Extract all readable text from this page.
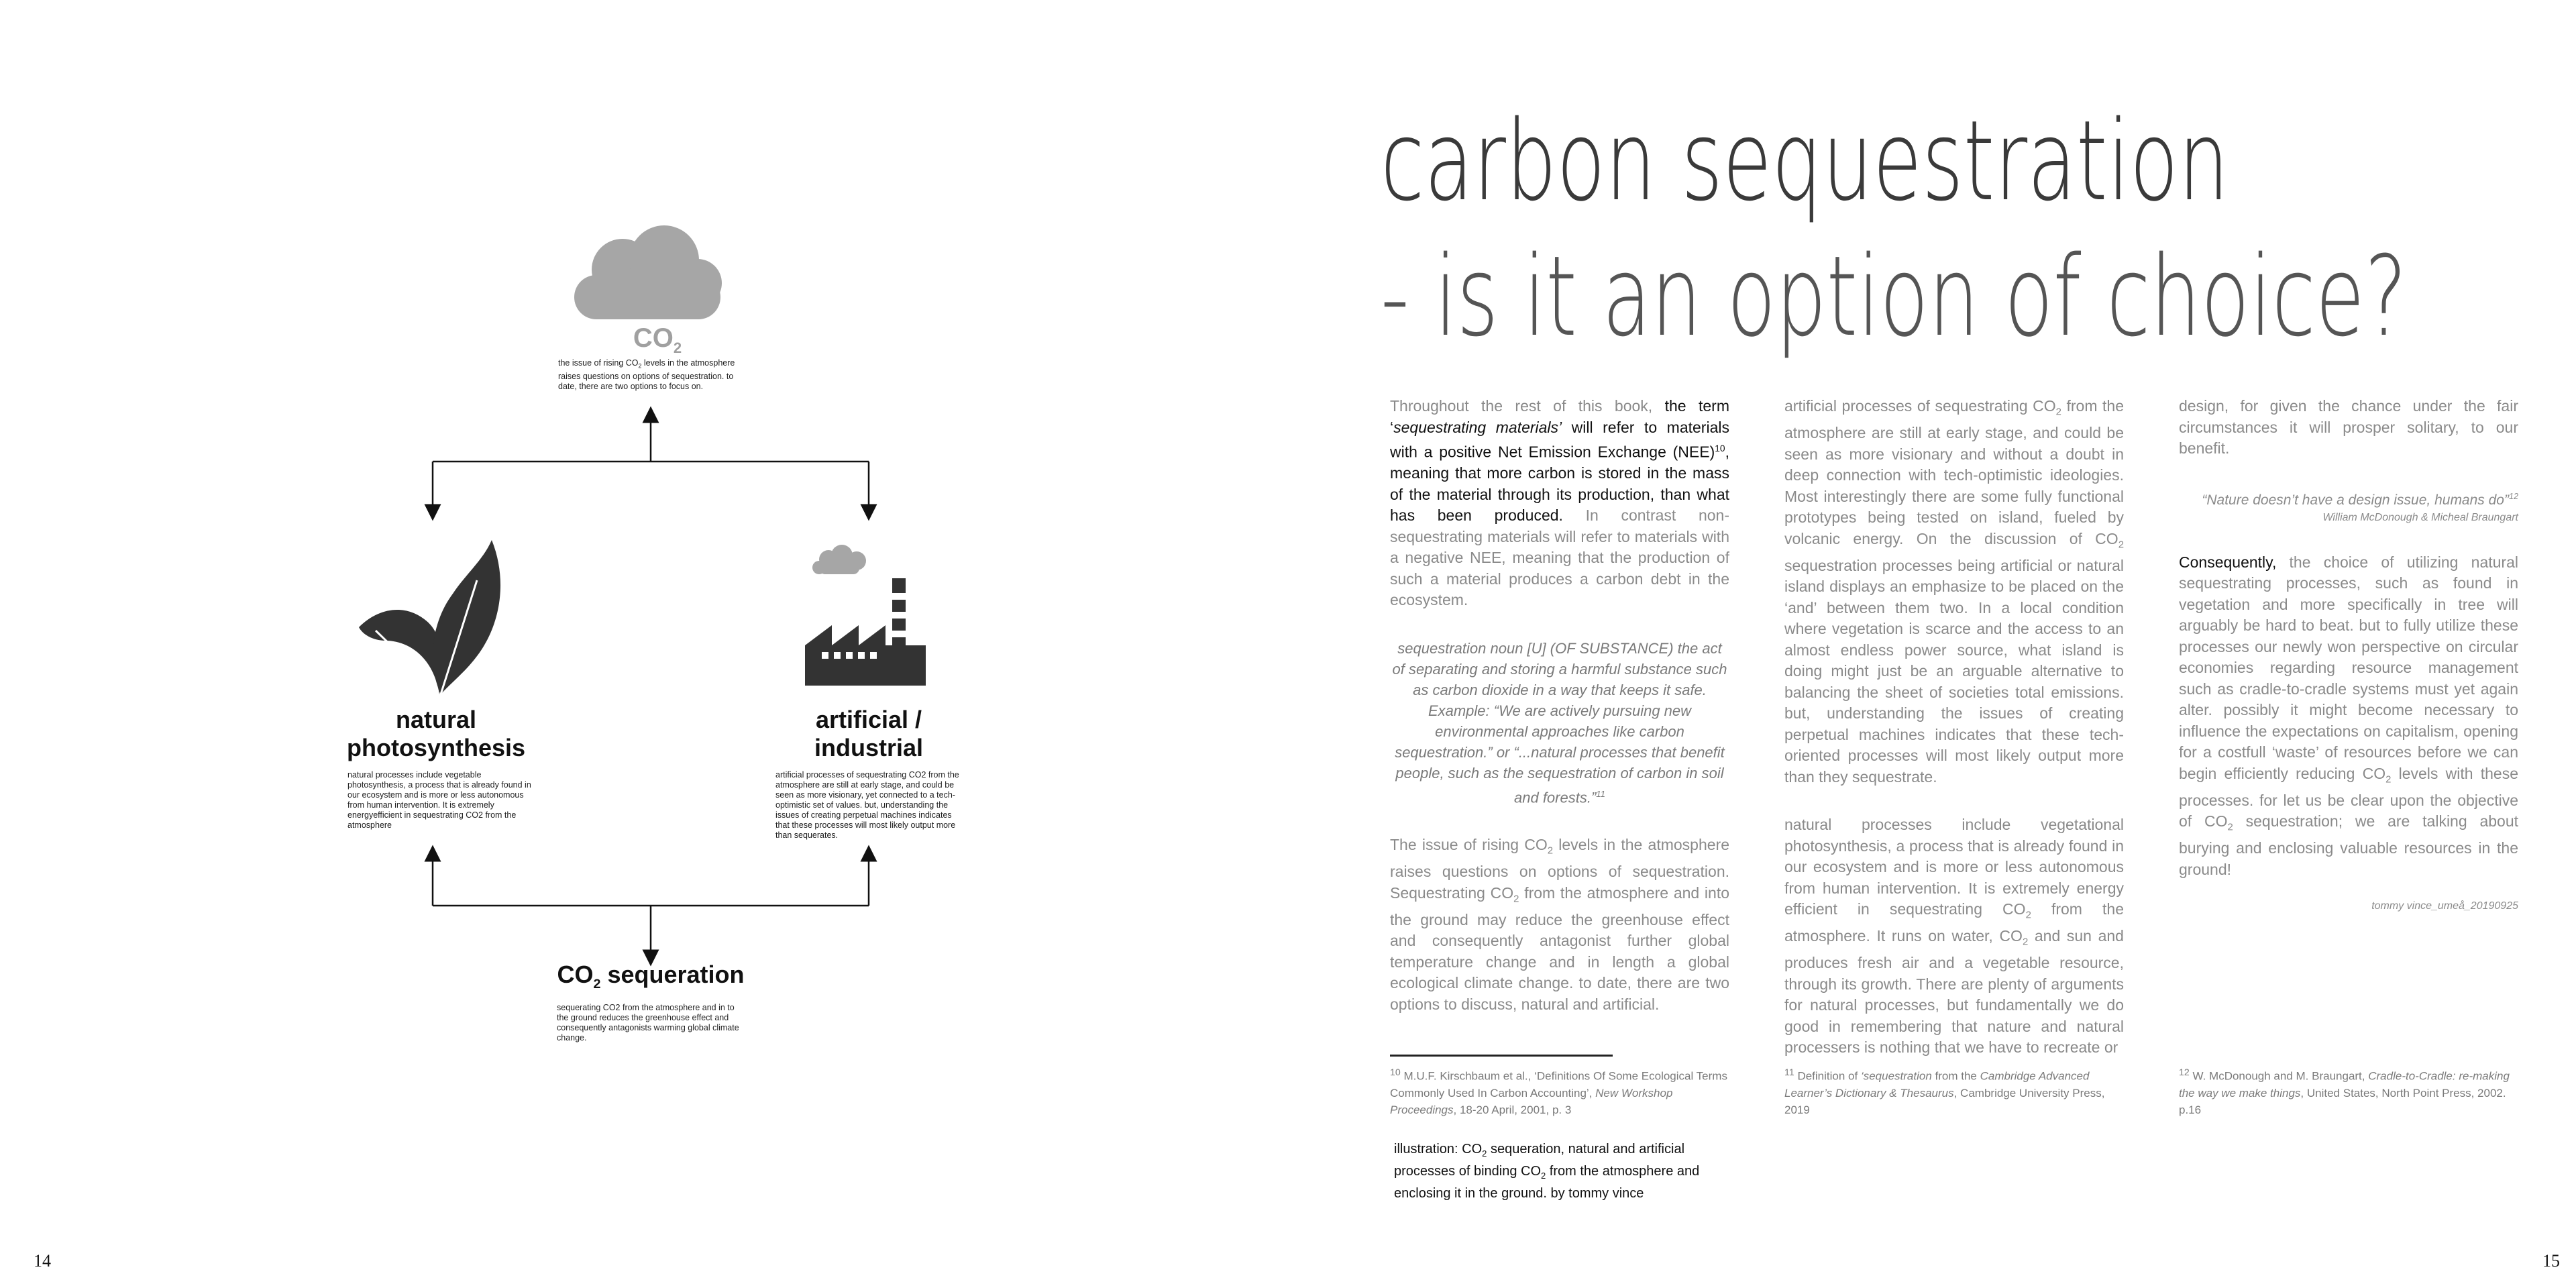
$CO_2$
the issue of rising $CO_2$ levels in the atmosphere raises questions on options of sequestration. to date, there are two options to focus on.
natural
photosynthesis
natural processes include vegetable photosynthesis, a process that is already found in our ecosystem and is more or less autonomous from human intervention. It is extremely energyefficient in sequestrating CO2 from the atmosphere
artificial /
industrial
artificial processes of sequestrating CO2 from the atmosphere are still at early stage, and could be seen as more visionary, yet connected to a tech-optimistic set of values. but, understanding the issues of creating perpetual machines indicates that these processes will most likely output more than sequerates.
$CO_2$ sequeration
sequerating CO2 from the atmosphere and in to the ground reduces the greenhouse effect and consequently antagonists warming global climate change.
14
carbon sequestration
- is it an option of choice?

Throughout the rest of this book, the term ‘sequestrating materials’ will refer to materials with a positive Net Emission Exchange (NEE)$^{10}$, meaning that more carbon is stored in the mass of the material through its production, than what has been produced. In contrast non-sequestrating materials will refer to materials with a negative NEE, meaning that the production of such a material produces a carbon debt in the ecosystem.

sequestration noun [U] (OF SUBSTANCE) the act of separating and storing a harmful substance such as carbon dioxide in a way that keeps it safe. Example: “We are actively pursuing new environmental approaches like carbon sequestration.” or “...natural processes that benefit people, such as the sequestration of carbon in soil and forests.”$^{11}$

The issue of rising $CO_2$ levels in the atmosphere raises questions on options of sequestration. Sequestrating $CO_2$ from the atmosphere and into the ground may reduce the greenhouse effect and consequently antagonist further global temperature change and in length a global ecological climate change. to date, there are two options to discuss, natural and artificial.

artificial processes of sequestrating $CO_2$ from the atmosphere are still at early stage, and could be seen as more visionary and without a doubt in deep connection with tech-optimistic ideologies. Most interestingly there are some fully functional prototypes being tested on island, fueled by volcanic energy. On the discussion of $CO_2$ sequestration processes being artificial or natural island displays an emphasize to be placed on the ‘and’ between them two. In a local condition where vegetation is scarce and the access to an almost endless power source, what island is doing might just be an arguable alternative to balancing the sheet of societies total emissions. but, understanding the issues of creating perpetual machines indicates that these tech-oriented processes will most likely output more than they sequestrate.

natural processes include vegetational photosynthesis, a process that is already found in our ecosystem and is more or less autonomous from human intervention. It is extremely energy efficient in sequestrating $CO_2$ from the atmosphere. It runs on water, $CO_2$ and sun and produces fresh air and a vegetable resource, through its growth. There are plenty of arguments for natural processes, but fundamentally we do good in remembering that nature and natural processers is nothing that we have to recreate or

design, for given the chance under the fair circumstances it will prosper solitary, to our benefit.

“Nature doesn’t have a design issue, humans do”$^{12}$
William McDonough & Micheal Braungart

Consequently, the choice of utilizing natural sequestrating processes, such as found in vegetation and more specifically in tree will arguably be hard to beat. but to fully utilize these processes our newly won perspective on circular economies regarding resource management such as cradle-to-cradle systems must yet again alter. possibly it might become necessary to influence the expectations on capitalism, opening for a costfull ‘waste’ of resources before we can begin efficiently reducing $CO_2$ levels with these processes. for let us be clear upon the objective of $CO_2$ sequestration; we are talking about burying and enclosing valuable resources in the ground!

tommy vince_umeå_20190925
$^{10}$ M.U.F. Kirschbaum et al., ‘Definitions Of Some Ecological Terms Commonly Used In Carbon Accounting’, New Workshop Proceedings, 18-20 April, 2001, p. 3
$^{11}$ Definition of ‘sequestration from the Cambridge Advanced Learner’s Dictionary & Thesaurus, Cambridge University Press, 2019
$^{12}$ W. McDonough and M. Braungart, Cradle-to-Cradle: re-making the way we make things, United States, North Point Press, 2002. p.16
illustration: $CO_2$ sequeration, natural and artificial processes of binding $CO_2$ from the atmosphere and enclosing it in the ground. by tommy vince
15
